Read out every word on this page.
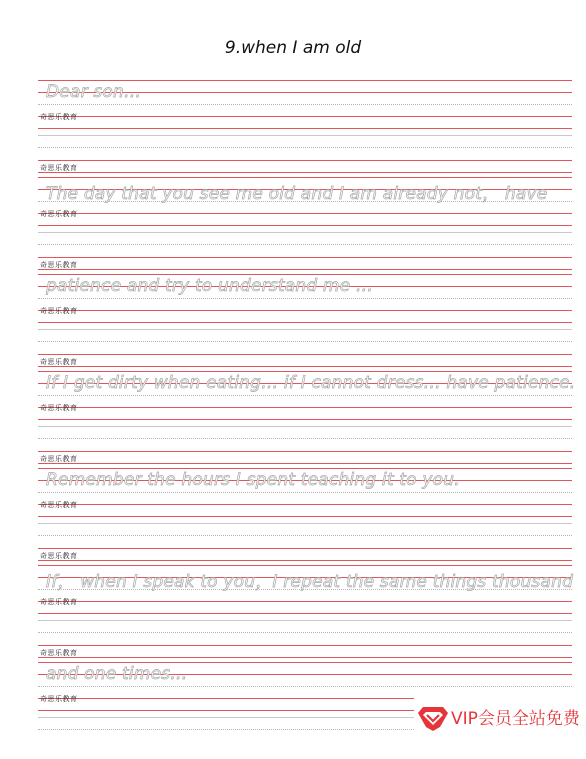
9.when I am old
奇思乐教育
奇思乐教育
Dear son…
奇思乐教育
奇思乐教育
The day that you see me old and I am already not， have
奇思乐教育
奇思乐教育
patience and try to understand me …
奇思乐教育
奇思乐教育
If I get dirty when eating… if I cannot dress… have patience.
奇思乐教育
奇思乐教育
Remember the hours I spent teaching it to you.
奇思乐教育
奇思乐教育
If， when I speak to you，I repeat the same things thousand
奇思乐教育
and one times…
VIP会员全站免费
